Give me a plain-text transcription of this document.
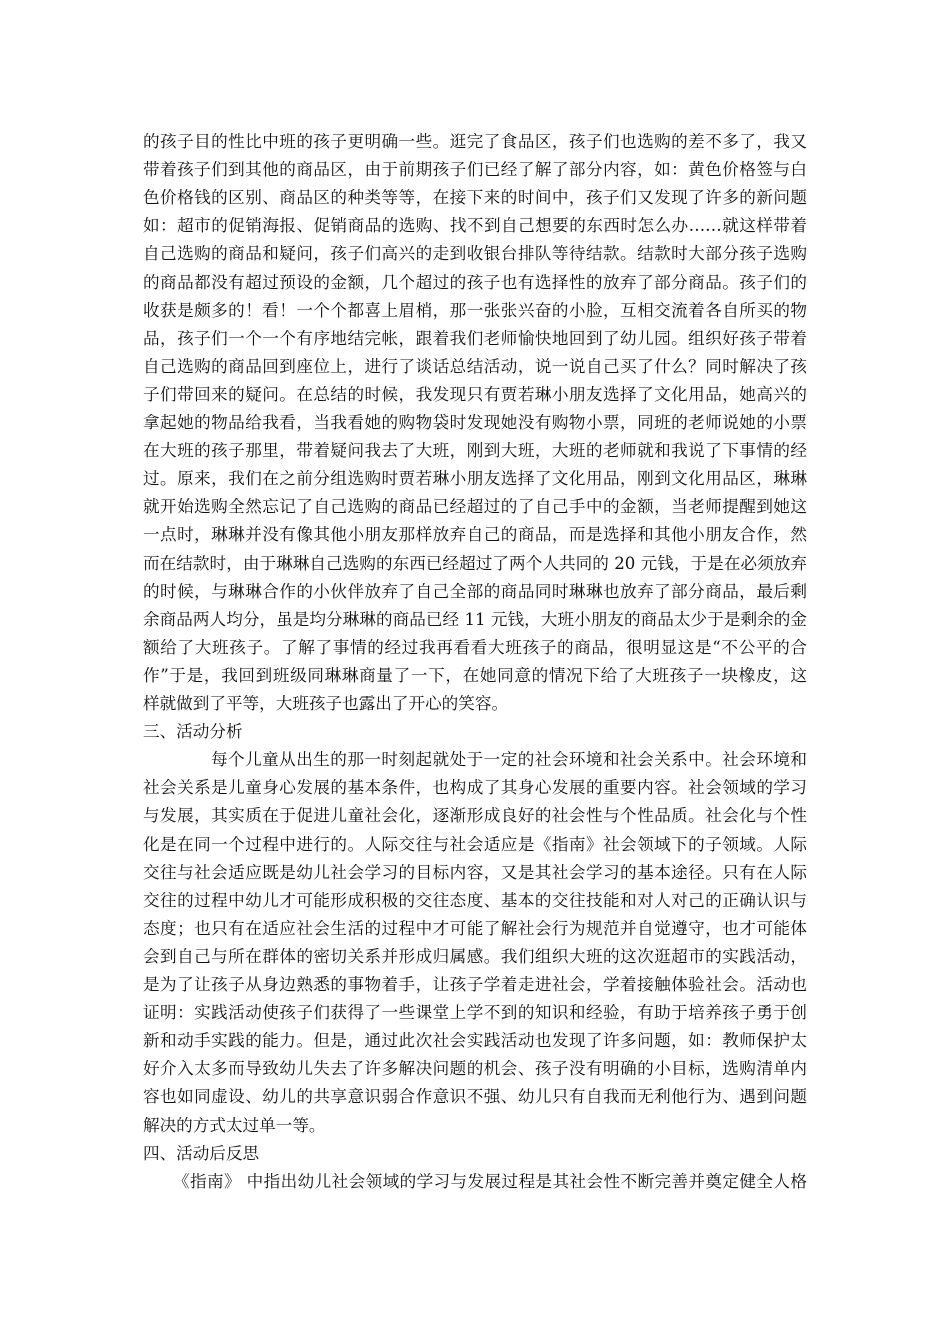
的孩子目的性比中班的孩子更明确一些。逛完了食品区，孩子们也选购的差不多了，我又
带着孩子们到其他的商品区，由于前期孩子们已经了解了部分内容，如：黄色价格签与白
色价格钱的区别、商品区的种类等等，在接下来的时间中，孩子们又发现了许多的新问题
如：超市的促销海报、促销商品的选购、找不到自己想要的东西时怎么办……就这样带着
自己选购的商品和疑问，孩子们高兴的走到收银台排队等待结款。结款时大部分孩子选购
的商品都没有超过预设的金额，几个超过的孩子也有选择性的放弃了部分商品。孩子们的
收获是颇多的！看！一个个都喜上眉梢，那一张张兴奋的小脸，互相交流着各自所买的物
品，孩子们一个一个有序地结完帐，跟着我们老师愉快地回到了幼儿园。组织好孩子带着
自己选购的商品回到座位上，进行了谈话总结活动，说一说自己买了什么？同时解决了孩
子们带回来的疑问。在总结的时候，我发现只有贾若琳小朋友选择了文化用品，她高兴的
拿起她的物品给我看，当我看她的购物袋时发现她没有购物小票，同班的老师说她的小票
在大班的孩子那里，带着疑问我去了大班，刚到大班，大班的老师就和我说了下事情的经
过。原来，我们在之前分组选购时贾若琳小朋友选择了文化用品，刚到文化用品区，琳琳
就开始选购全然忘记了自己选购的商品已经超过的了自己手中的金额，当老师提醒到她这
一点时，琳琳并没有像其他小朋友那样放弃自己的商品，而是选择和其他小朋友合作，然
而在结款时，由于琳琳自己选购的东西已经超过了两个人共同的 20 元钱，于是在必须放弃
的时候，与琳琳合作的小伙伴放弃了自己全部的商品同时琳琳也放弃了部分商品，最后剩
余商品两人均分，虽是均分琳琳的商品已经 11 元钱，大班小朋友的商品太少于是剩余的金
额给了大班孩子。了解了事情的经过我再看看大班孩子的商品，很明显这是“不公平的合
作”于是，我回到班级同琳琳商量了一下，在她同意的情况下给了大班孩子一块橡皮，这
样就做到了平等，大班孩子也露出了开心的笑容。
三、活动分析
每个儿童从出生的那一时刻起就处于一定的社会环境和社会关系中。社会环境和
社会关系是儿童身心发展的基本条件，也构成了其身心发展的重要内容。社会领域的学习
与发展，其实质在于促进儿童社会化，逐渐形成良好的社会性与个性品质。社会化与个性
化是在同一个过程中进行的。人际交往与社会适应是《指南》社会领域下的子领域。人际
交往与社会适应既是幼儿社会学习的目标内容，又是其社会学习的基本途径。只有在人际
交往的过程中幼儿才可能形成积极的交往态度、基本的交往技能和对人对己的正确认识与
态度；也只有在适应社会生活的过程中才可能了解社会行为规范并自觉遵守，也才可能体
会到自己与所在群体的密切关系并形成归属感。我们组织大班的这次逛超市的实践活动，
是为了让孩子从身边熟悉的事物着手，让孩子学着走进社会，学着接触体验社会。活动也
证明：实践活动使孩子们获得了一些课堂上学不到的知识和经验，有助于培养孩子勇于创
新和动手实践的能力。但是，通过此次社会实践活动也发现了许多问题，如：教师保护太
好介入太多而导致幼儿失去了许多解决问题的机会、孩子没有明确的小目标，选购清单内
容也如同虚设、幼儿的共享意识弱合作意识不强、幼儿只有自我而无利他行为、遇到问题
解决的方式太过单一等。
四、活动后反思
《指南》 中指出幼儿社会领域的学习与发展过程是其社会性不断完善并奠定健全人格
